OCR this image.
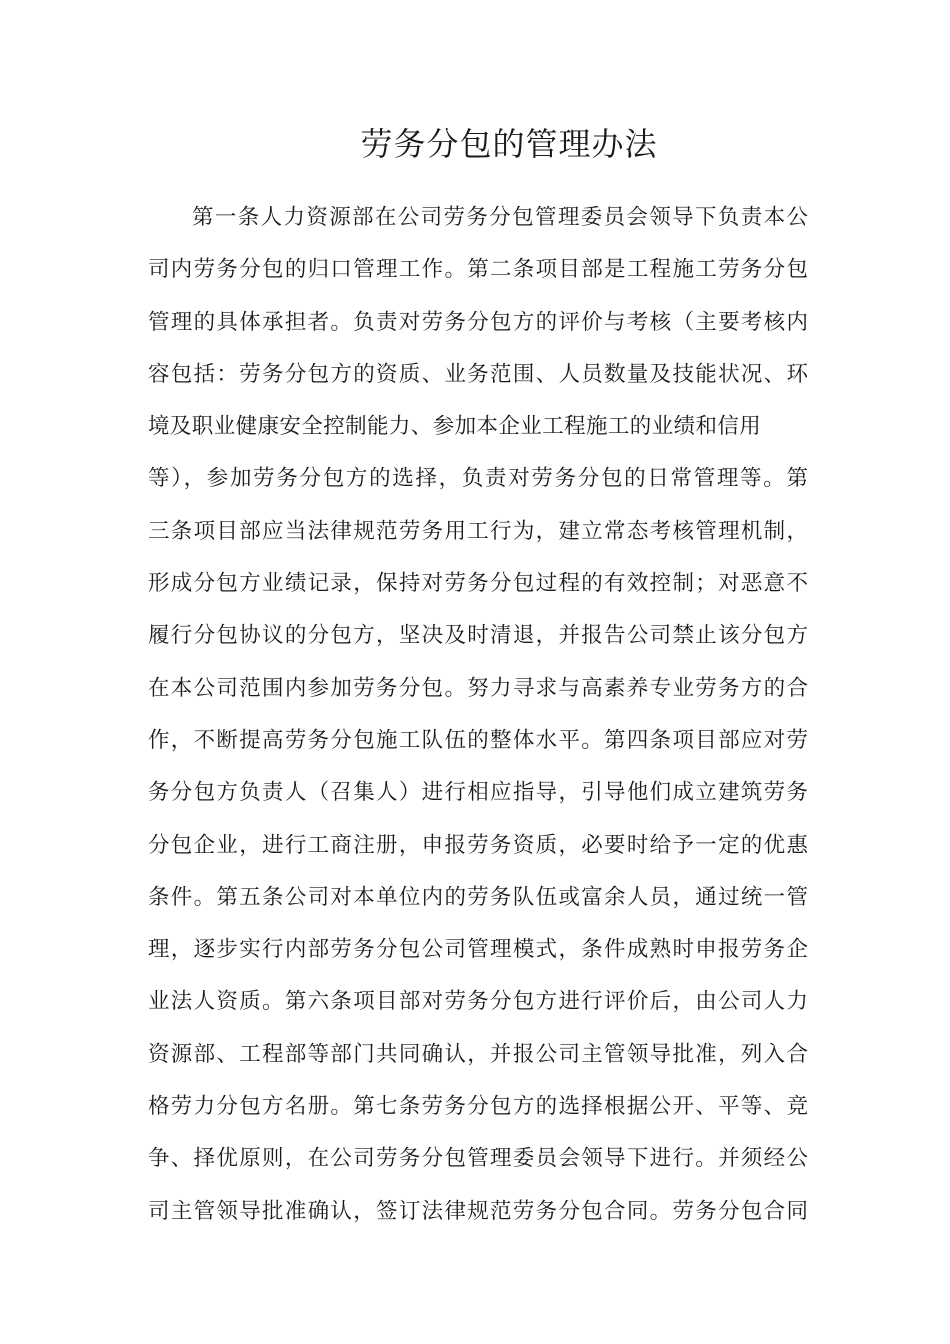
劳务分包的管理办法
第一条人力资源部在公司劳务分包管理委员会领导下负责本公
司内劳务分包的归口管理工作。第二条项目部是工程施工劳务分包
管理的具体承担者。负责对劳务分包方的评价与考核（主要考核内
容包括：劳务分包方的资质、业务范围、人员数量及技能状况、环
境及职业健康安全控制能力、参加本企业工程施工的业绩和信用
等），参加劳务分包方的选择，负责对劳务分包的日常管理等。第
三条项目部应当法律规范劳务用工行为，建立常态考核管理机制，
形成分包方业绩记录，保持对劳务分包过程的有效控制；对恶意不
履行分包协议的分包方，坚决及时清退，并报告公司禁止该分包方
在本公司范围内参加劳务分包。努力寻求与高素养专业劳务方的合
作，不断提高劳务分包施工队伍的整体水平。第四条项目部应对劳
务分包方负责人（召集人）进行相应指导，引导他们成立建筑劳务
分包企业，进行工商注册，申报劳务资质，必要时给予一定的优惠
条件。第五条公司对本单位内的劳务队伍或富余人员，通过统一管
理，逐步实行内部劳务分包公司管理模式，条件成熟时申报劳务企
业法人资质。第六条项目部对劳务分包方进行评价后，由公司人力
资源部、工程部等部门共同确认，并报公司主管领导批准，列入合
格劳力分包方名册。第七条劳务分包方的选择根据公开、平等、竞
争、择优原则，在公司劳务分包管理委员会领导下进行。并须经公
司主管领导批准确认，签订法律规范劳务分包合同。劳务分包合同
